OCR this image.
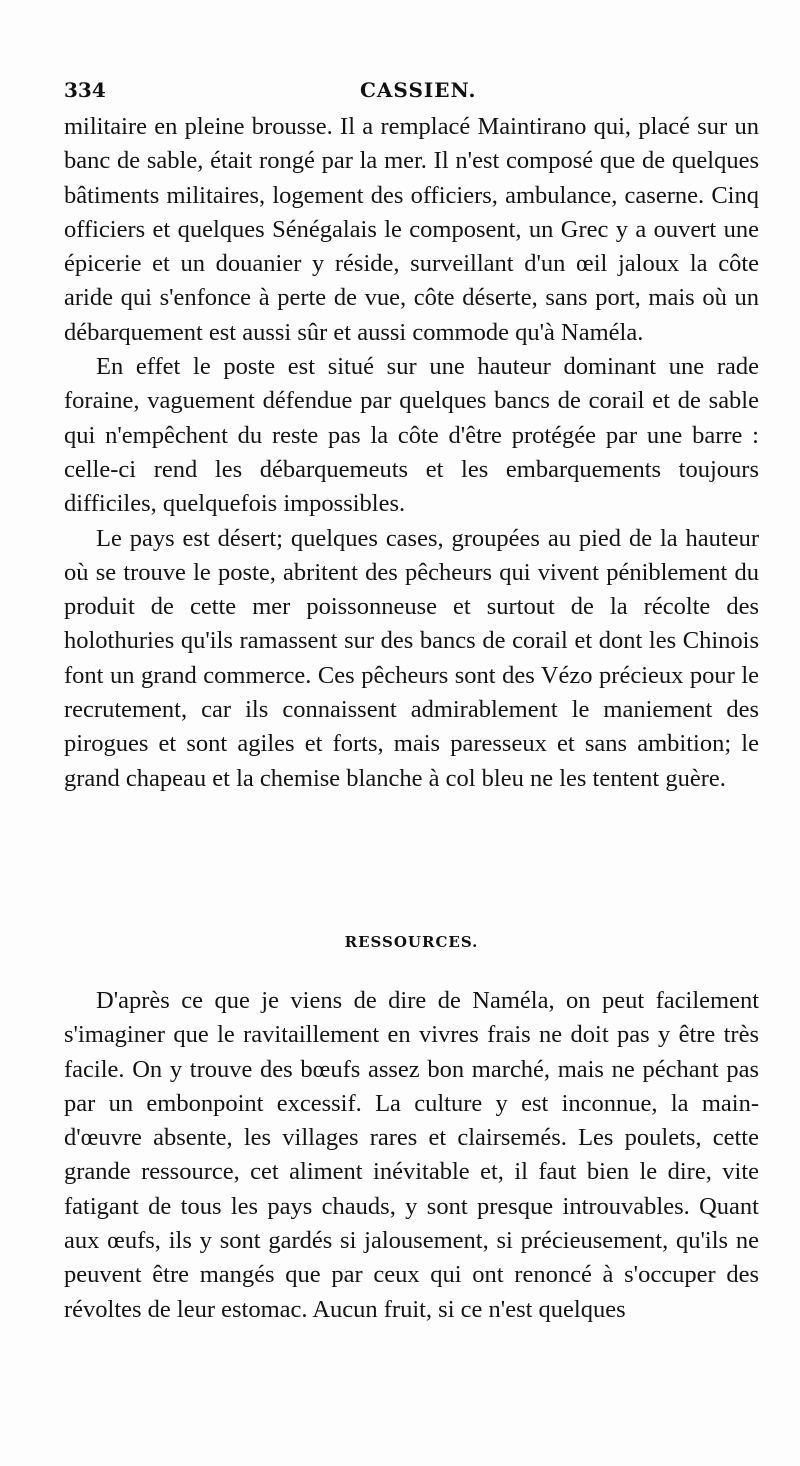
334	CASSIEN.

militaire en pleine brousse. Il a remplacé Maintirano qui, placé sur un banc de sable, était rongé par la mer. Il n'est composé que de quelques bâtiments militaires, logement des officiers, ambulance, caserne. Cinq officiers et quelques Sénégalais le composent, un Grec y a ouvert une épicerie et un douanier y réside, surveillant d'un œil jaloux la côte aride qui s'enfonce à perte de vue, côte déserte, sans port, mais où un débarquement est aussi sûr et aussi commode qu'à Naméla.

En effet le poste est situé sur une hauteur dominant une rade foraine, vaguement défendue par quelques bancs de corail et de sable qui n'empêchent du reste pas la côte d'être protégée par une barre : celle-ci rend les débarquemeuts et les embarquements toujours difficiles, quelquefois impossibles.

Le pays est désert; quelques cases, groupées au pied de la hauteur où se trouve le poste, abritent des pêcheurs qui vivent péniblement du produit de cette mer poissonneuse et surtout de la récolte des holothuries qu'ils ramassent sur des bancs de corail et dont les Chinois font un grand commerce. Ces pêcheurs sont des Vézo précieux pour le recrutement, car ils connaissent admirablement le maniement des pirogues et sont agiles et forts, mais paresseux et sans ambition; le grand chapeau et la chemise blanche à col bleu ne les tentent guère.

RESSOURCES.

D'après ce que je viens de dire de Naméla, on peut facilement s'imaginer que le ravitaillement en vivres frais ne doit pas y être très facile. On y trouve des bœufs assez bon marché, mais ne péchant pas par un embonpoint excessif. La culture y est inconnue, la main-d'œuvre absente, les villages rares et clairsemés. Les poulets, cette grande ressource, cet aliment inévitable et, il faut bien le dire, vite fatigant de tous les pays chauds, y sont presque introuvables. Quant aux œufs, ils y sont gardés si jalousement, si précieusement, qu'ils ne peuvent être mangés que par ceux qui ont renoncé à s'occuper des révoltes de leur estomac. Aucun fruit, si ce n'est quelques
